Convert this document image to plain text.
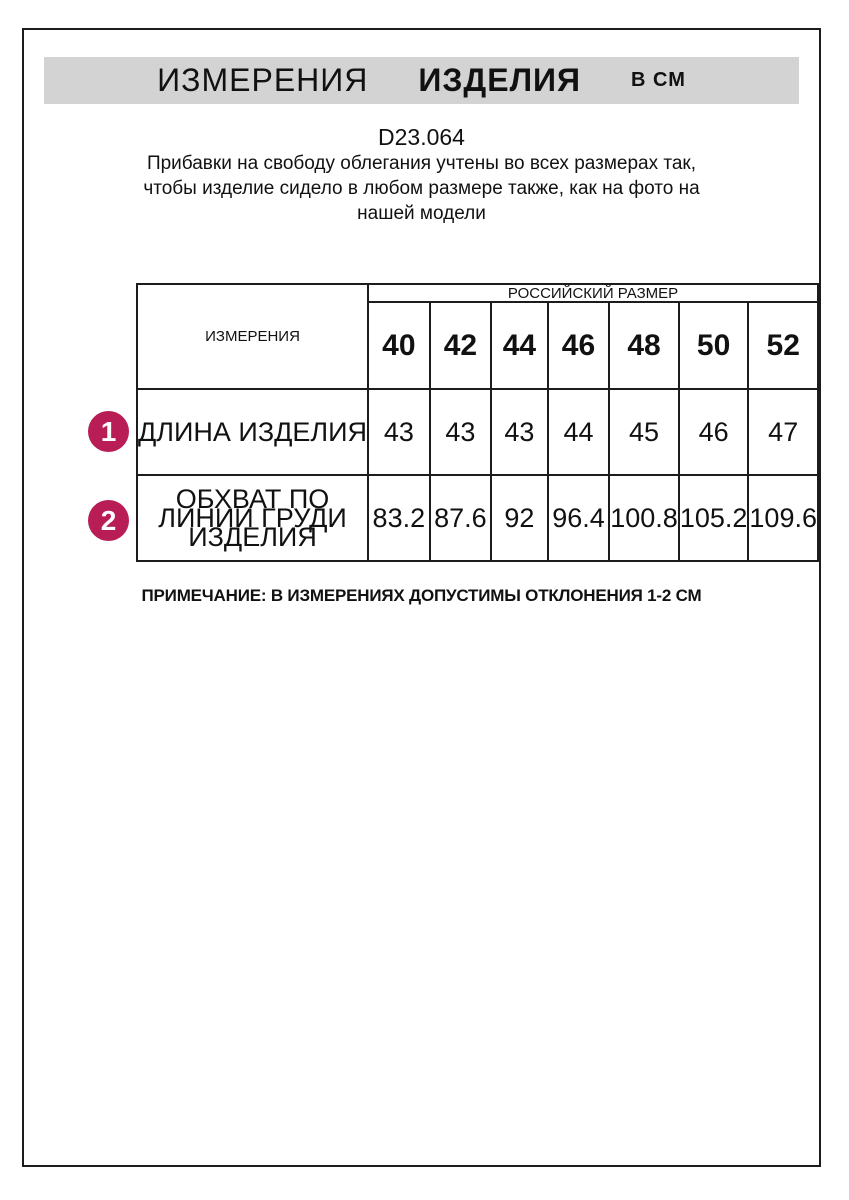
ИЗМЕРЕНИЯ ИЗДЕЛИЯ	В СМ
D23.064
Прибавки на свободу облегания учтены во всех размерах так,
чтобы изделие сидело в любом размере также, как на фото на
нашей модели
ИЗМЕРЕНИЯ	РОССИЙСКИЙ РАЗМЕР						
	40	42	44	46	48	50	52
ДЛИНА ИЗДЕЛИЯ	43	43	43	44	45	46	47
ОБХВАТ ПО ЛИНИИ ГРУДИ ИЗДЕЛИЯ	83.2	87.6	92	96.4	100.8	105.2	109.6
1
2
ПРИМЕЧАНИЕ: В ИЗМЕРЕНИЯХ ДОПУСТИМЫ ОТКЛОНЕНИЯ 1-2 СМ
